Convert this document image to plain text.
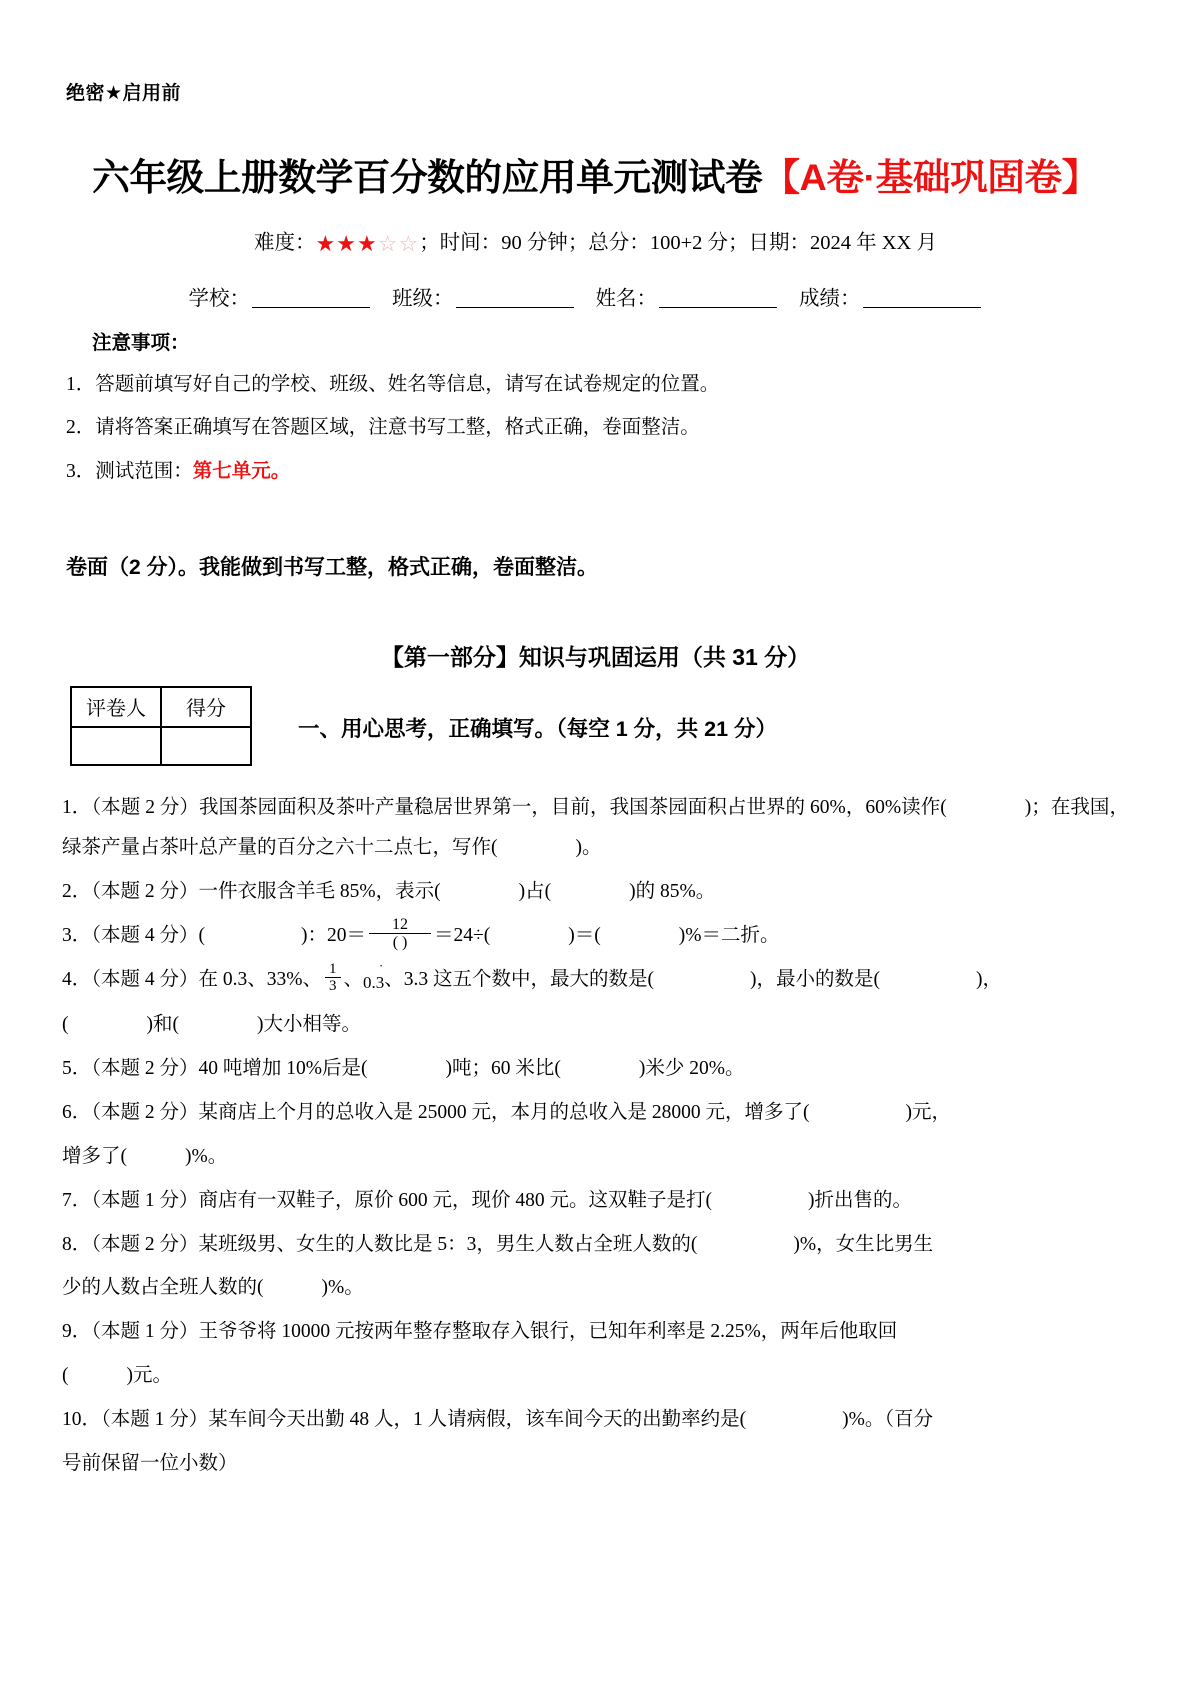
绝密★启用前
六年级上册数学百分数的应用单元测试卷【A卷·基础巩固卷】
难度：★★★☆☆；时间：90 分钟；总分：100+2 分；日期：2024 年 XX 月
学校：	班级：	姓名：	成绩：
注意事项：
1．答题前填写好自己的学校、班级、姓名等信息，请写在试卷规定的位置。
2．请将答案正确填写在答题区域，注意书写工整，格式正确，卷面整洁。
3．测试范围：第七单元。
卷面（2 分）。我能做到书写工整，格式正确，卷面整洁。
【第一部分】知识与巩固运用（共 31 分）
评卷人	得分

一、用心思考，正确填写。（每空 1 分，共 21 分）
1．（本题 2 分）我国茶园面积及茶叶产量稳居世界第一，目前，我国茶园面积占世界的 60%，60%读作(	)；在我国，绿茶产量占茶叶总产量的百分之六十二点七，写作(	)。
2．（本题 2 分）一件衣服含羊毛 85%，表示(	)占(	)的 85%。
3．（本题 4 分）(	)：$20= \frac{12}{( )} =24\div$(	)＝(	)%＝二折。
4．（本题 4 分）在 0.3、33%、 $\frac{1}{3}$ 、0.3
·
、3.3 这五个数中，最大的数是(	)，最小的数是(	)，
(	)和(	)大小相等。
5．（本题 2 分）40 吨增加 10%后是(	)吨；60 米比(	)米少 20%。
6．（本题 2 分）某商店上个月的总收入是 25000 元，本月的总收入是 28000 元，增多了(	)元，
增多了(	)%。
7．（本题 1 分）商店有一双鞋子，原价 600 元，现价 480 元。这双鞋子是打(	)折出售的。
8．（本题 2 分）某班级男、女生的人数比是 5：3，男生人数占全班人数的(	)%，女生比男生
少的人数占全班人数的(	)%。
9．（本题 1 分）王爷爷将 10000 元按两年整存整取存入银行，已知年利率是 2.25%，两年后他取回
(	)元。
10．（本题 1 分）某车间今天出勤 48 人，1 人请病假，该车间今天的出勤率约是(	)%。（百分
号前保留一位小数）
